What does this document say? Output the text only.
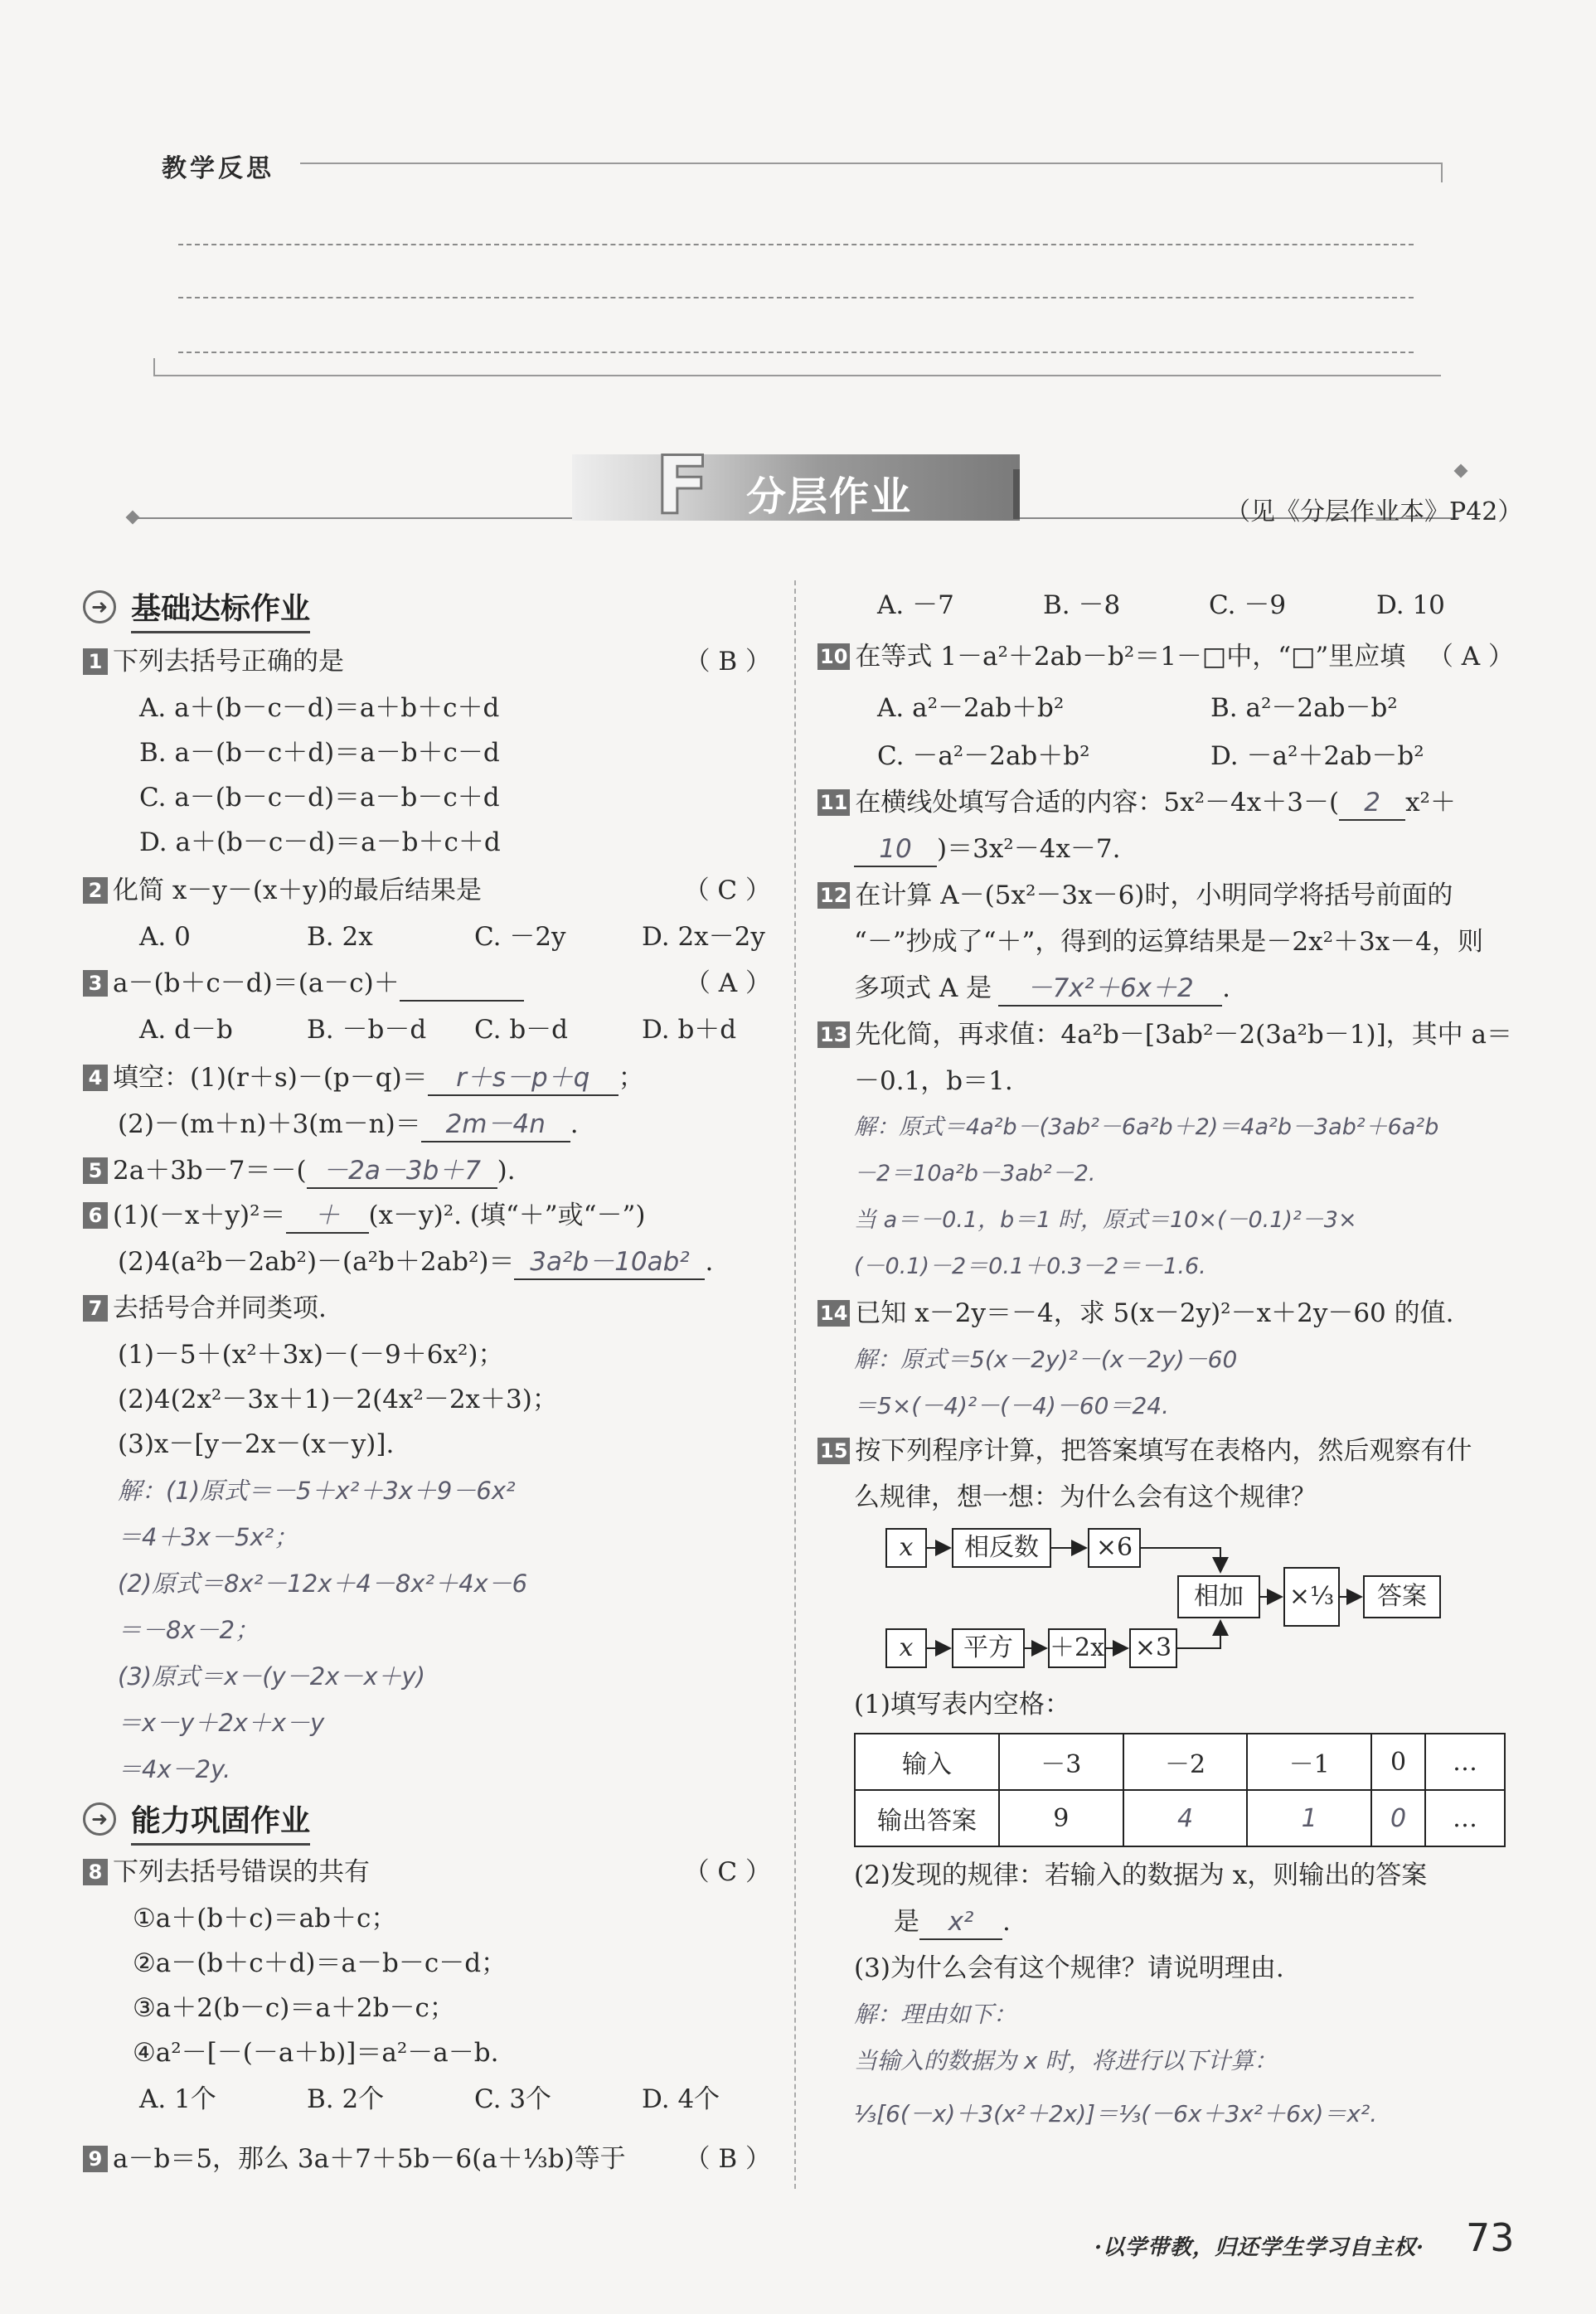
教学反思
F 分层作业	（见《分层作业本》P42）
➜ 基础达标作业
1 下列去括号正确的是	（ B ）
A. a＋(b－c－d)＝a＋b＋c＋d
B. a－(b－c＋d)＝a－b＋c－d
C. a－(b－c－d)＝a－b－c＋d
D. a＋(b－c－d)＝a－b＋c＋d
2 化简 x－y－(x＋y)的最后结果是	（ C ）
A. 0	B. 2x	C. －2y	D. 2x－2y
3 a－(b＋c－d)＝(a－c)＋	（ A ）
A. d－b	B. －b－d C. b－d	D. b＋d
4 填空：(1)(r＋s)－(p－q)＝ r＋s－p＋q ；
(2)－(m＋n)＋3(m－n)＝ 2m－4n .
5 2a＋3b－7＝－( －2a－3b＋7 ).
6 (1)(－x＋y)²＝ ＋ (x－y)². (填“＋”或“－”)
(2)4(a²b－2ab²)－(a²b＋2ab²)＝ 3a²b－10ab² .
7 去括号合并同类项.
(1)－5＋(x²＋3x)－(－9＋6x²)；
(2)4(2x²－3x＋1)－2(4x²－2x＋3)；
(3)x－[y－2x－(x－y)].
解：(1)原式＝－5＋x²＋3x＋9－6x²
＝4＋3x－5x²；
(2)原式＝8x²－12x＋4－8x²＋4x－6
＝－8x－2；
(3)原式＝x－(y－2x－x＋y)
＝x－y＋2x＋x－y
＝4x－2y.
➜ 能力巩固作业
8 下列去括号错误的共有	（ C ）
①a＋(b＋c)＝ab＋c；
②a－(b＋c＋d)＝a－b－c－d；
③a＋2(b－c)＝a＋2b－c；
④a²－[－(－a＋b)]＝a²－a－b.
A. 1个	B. 2个	C. 3个	D. 4个
9 a－b＝5，那么 3a＋7＋5b－6(a＋⅓b)等于 （ B ）
A. －7	B. －8	C. －9	D. 10
10 在等式 1－a²＋2ab－b²＝1－□中，“□”里应填 （ A ）
A. a²－2ab＋b²	B. a²－2ab－b²
C. －a²－2ab＋b²	D. －a²＋2ab－b²
11 在横线处填写合适的内容：5x²－4x＋3－( 2 x²＋
10 )＝3x²－4x－7.
12 在计算 A－(5x²－3x－6)时，小明同学将括号前面的
“－”抄成了“＋”，得到的运算结果是－2x²＋3x－4，则
多项式 A 是 －7x²＋6x＋2 .
13 先化简，再求值：4a²b－[3ab²－2(3a²b－1)]，其中 a＝
－0.1，b＝1.
解：原式＝4a²b－(3ab²－6a²b＋2)＝4a²b－3ab²＋6a²b
－2＝10a²b－3ab²－2.
当 a＝－0.1，b＝1 时，原式＝10×(－0.1)²－3×
(－0.1)－2＝0.1＋0.3－2＝－1.6.
14 已知 x－2y＝－4，求 5(x－2y)²－x＋2y－60 的值.
解：原式＝5(x－2y)²－(x－2y)－60
＝5×(－4)²－(－4)－60＝24.
15 按下列程序计算，把答案填写在表格内，然后观察有什
么规律，想一想：为什么会有这个规律？
x	相反数	×6
x	平方	＋2x ×3
相加	×⅓	答案
(1)填写表内空格：
输入	－3	－2	－1	0	…
输出答案	9	4	1	0	…
(2)发现的规律：若输入的数据为 x，则输出的答案
是 x² .
(3)为什么会有这个规律？请说明理由.
解：理由如下：
当输入的数据为 x 时，将进行以下计算：
⅓[6(－x)＋3(x²＋2x)]＝⅓(－6x＋3x²＋6x)＝x².
·以学带教，归还学生学习自主权· 73
